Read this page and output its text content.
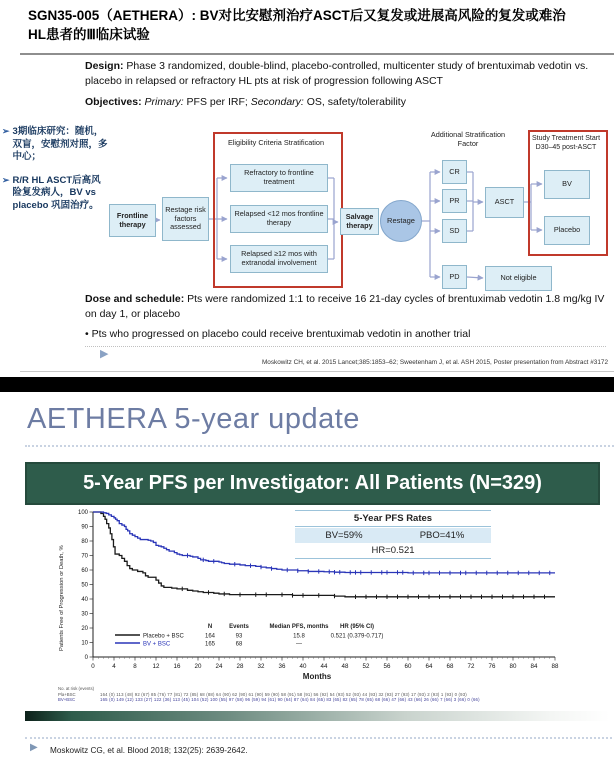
SGN35-005（AETHERA）: BV对比安慰剂治疗ASCT后又复发或进展高风险的复发或难治HL患者的Ⅲ临床试验

Design: Phase 3 randomized, double-blind, placebo-controlled, multicenter study of brentuximab vedotin vs. placebo in relapsed or refractory HL pts at risk of progression following ASCT

Objectives: Primary: PFS per IRF; Secondary: OS, safety/tolerability

➢ 3期临床研究：随机，双盲，安慰剂对照，多中心；
➢ R/R HL ASCT后高风险复发病人，BV vs placebo 巩固治疗。
Frontline therapy
Restage risk factors assessed
Eligibility Criteria Stratification
Refractory to frontline treatment
Relapsed <12 mos frontline therapy
Relapsed ≥12 mos with extranodal involvement
Salvage therapy
Restage
Additional Stratification Factor
CR
PR
SD
PD
ASCT
Not eligible
Study Treatment Start D30–45 post-ASCT
BV
Placebo

Dose and schedule: Pts were randomized 1:1 to receive 16 21-day cycles of brentuximab vedotin 1.8 mg/kg IV on day 1, or placebo

• Pts who progressed on placebo could receive brentuximab vedotin in another trial

▶
Moskowitz CH, et al. 2015 Lancet;385:1853–62; Sweetenham J, et al. ASH 2015, Poster presentation from Abstract #3172
AETHERA 5-year update
5-Year PFS per Investigator: All Patients (N=329)
Patients Free of Progression or Death, %
100
90
80
70
60
50
40
30
20
10
0
0	4	8	12 16 20 24 28 32 36 40 44 48 52 56 60 64 68 72 76 80 84 88
Months
N	Events	Median PFS, months HR (95% CI)
Placebo + BSC	164	93	15.8	0.521 (0.379-0.717)
BV + BSC	165	68	—
5-Year PFS Rates
BV=59%	PBO=41%
HR=0.521
No. at risk (events)
Pla+BSC	164 (0) 113 (48) 92 (67) 85 (76) 77 (81) 72 (85) 68 (88) 64 (90) 62 (90) 61 (90) 59 (90) 58 (91) 58 (91) 56 (92) 54 (93) 52 (93) 44 (93) 32 (93) 27 (93) 17 (93) 2 (93) 1 (93) 0 (93)
BV+BSC	165 (0) 149 (12) 133 (27) 122 (36) 113 (45) 104 (52) 100 (55) 97 (58) 96 (59) 94 (61) 90 (64) 87 (64) 84 (65) 83 (65) 82 (65) 78 (65) 68 (66) 47 (66) 43 (66) 26 (66) 7 (66) 3 (66) 0 (66)
▶ Moskowitz CG, et al. Blood 2018; 132(25): 2639-2642.
